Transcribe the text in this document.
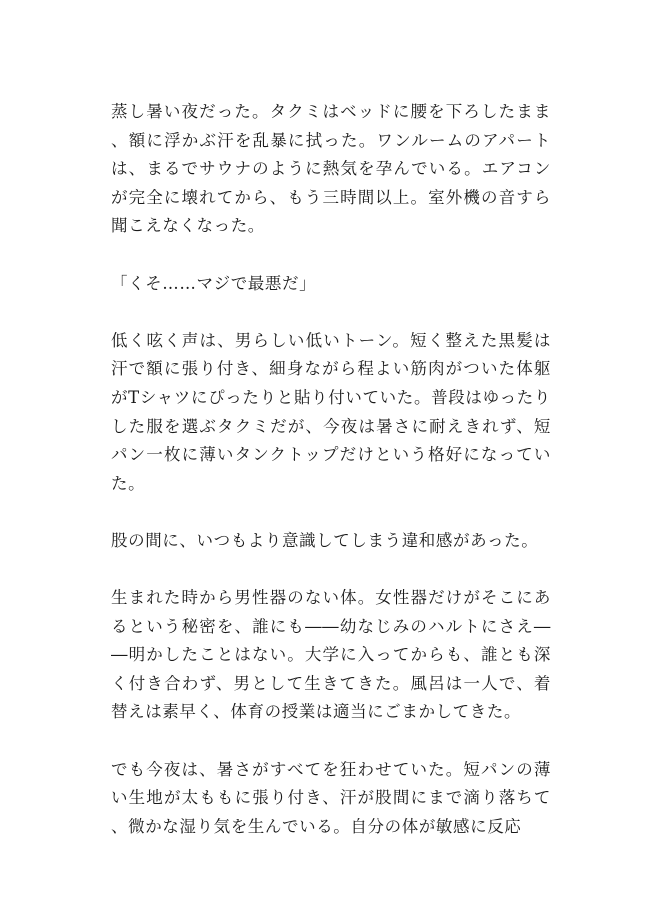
蒸し暑い夜だった。タクミはベッドに腰を下ろしたまま、額に浮かぶ汗を乱暴に拭った。ワンルームのアパートは、まるでサウナのように熱気を孕んでいる。エアコンが完全に壊れてから、もう三時間以上。室外機の音すら聞こえなくなった。

「くそ……マジで最悪だ」

低く呟く声は、男らしい低いトーン。短く整えた黒髪は汗で額に張り付き、細身ながら程よい筋肉がついた体躯がTシャツにぴったりと貼り付いていた。普段はゆったりした服を選ぶタクミだが、今夜は暑さに耐えきれず、短パン一枚に薄いタンクトップだけという格好になっていた。

股の間に、いつもより意識してしまう違和感があった。

生まれた時から男性器のない体。女性器だけがそこにあるという秘密を、誰にも――幼なじみのハルトにさえ――明かしたことはない。大学に入ってからも、誰とも深く付き合わず、男として生きてきた。風呂は一人で、着替えは素早く、体育の授業は適当にごまかしてきた。

でも今夜は、暑さがすべてを狂わせていた。短パンの薄い生地が太ももに張り付き、汗が股間にまで滴り落ちて、微かな湿り気を生んでいる。自分の体が敏感に反応
